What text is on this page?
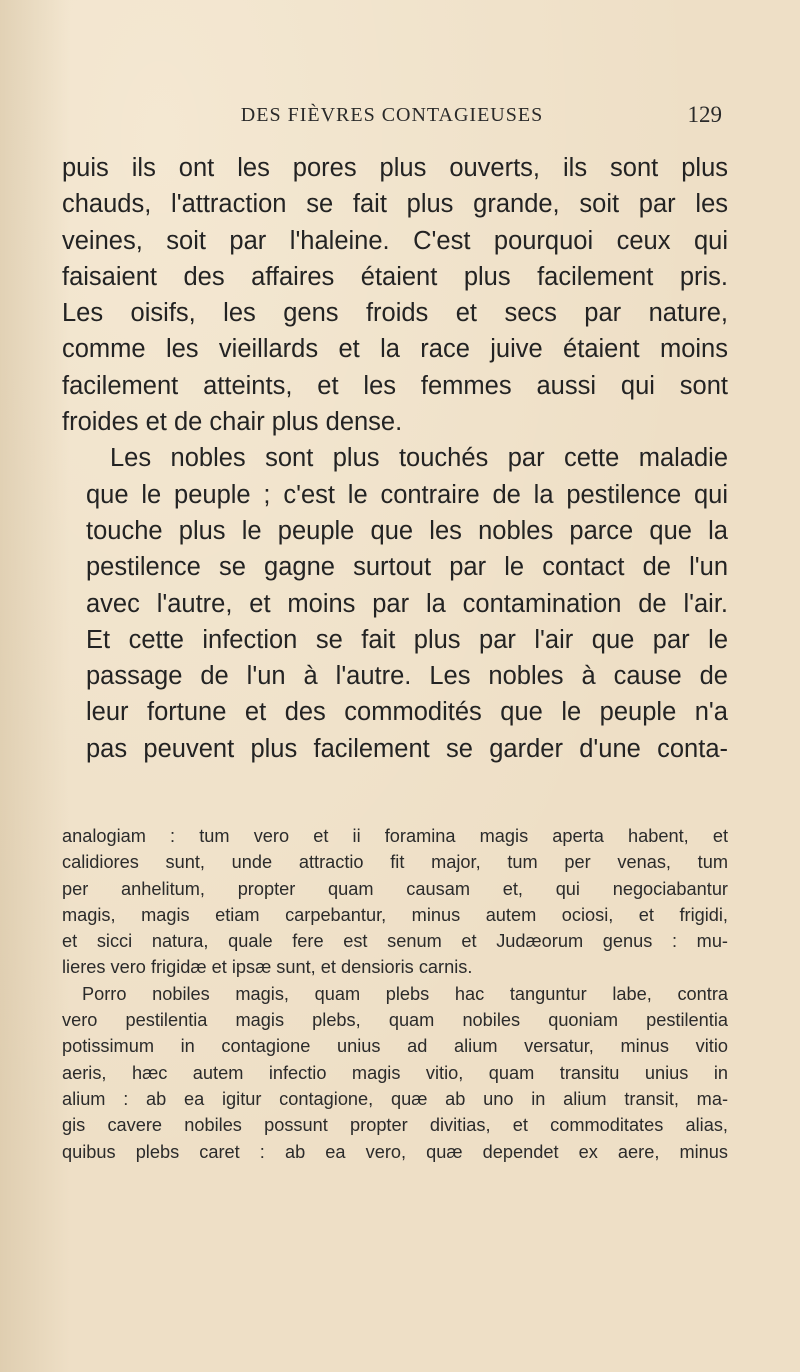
DES FIÈVRES CONTAGIEUSES	129

puis ils ont les pores plus ouverts, ils sont plus
chauds, l'attraction se fait plus grande, soit par les
veines, soit par l'haleine. C'est pourquoi ceux qui
faisaient des affaires étaient plus facilement pris.
Les oisifs, les gens froids et secs par nature,
comme les vieillards et la race juive étaient moins
facilement atteints, et les femmes aussi qui sont
froides et de chair plus dense.

Les nobles sont plus touchés par cette maladie
que le peuple ; c'est le contraire de la pestilence qui
touche plus le peuple que les nobles parce que la
pestilence se gagne surtout par le contact de l'un
avec l'autre, et moins par la contamination de l'air.
Et cette infection se fait plus par l'air que par le
passage de l'un à l'autre. Les nobles à cause de
leur fortune et des commodités que le peuple n'a
pas peuvent plus facilement se garder d'une conta-

analogiam : tum vero et ii foramina magis aperta habent, et
calidiores sunt, unde attractio fit major, tum per venas, tum
per anhelitum, propter quam causam et, qui negociabantur
magis, magis etiam carpebantur, minus autem ociosi, et frigidi,
et sicci natura, quale fere est senum et Judæorum genus : mu-
lieres vero frigidæ et ipsæ sunt, et densioris carnis.

Porro nobiles magis, quam plebs hac tanguntur labe, contra
vero pestilentia magis plebs, quam nobiles quoniam pestilentia
potissimum in contagione unius ad alium versatur, minus vitio
aeris, hæc autem infectio magis vitio, quam transitu unius in
alium : ab ea igitur contagione, quæ ab uno in alium transit, ma-
gis cavere nobiles possunt propter divitias, et commoditates alias,
quibus plebs caret : ab ea vero, quæ dependet ex aere, minus
